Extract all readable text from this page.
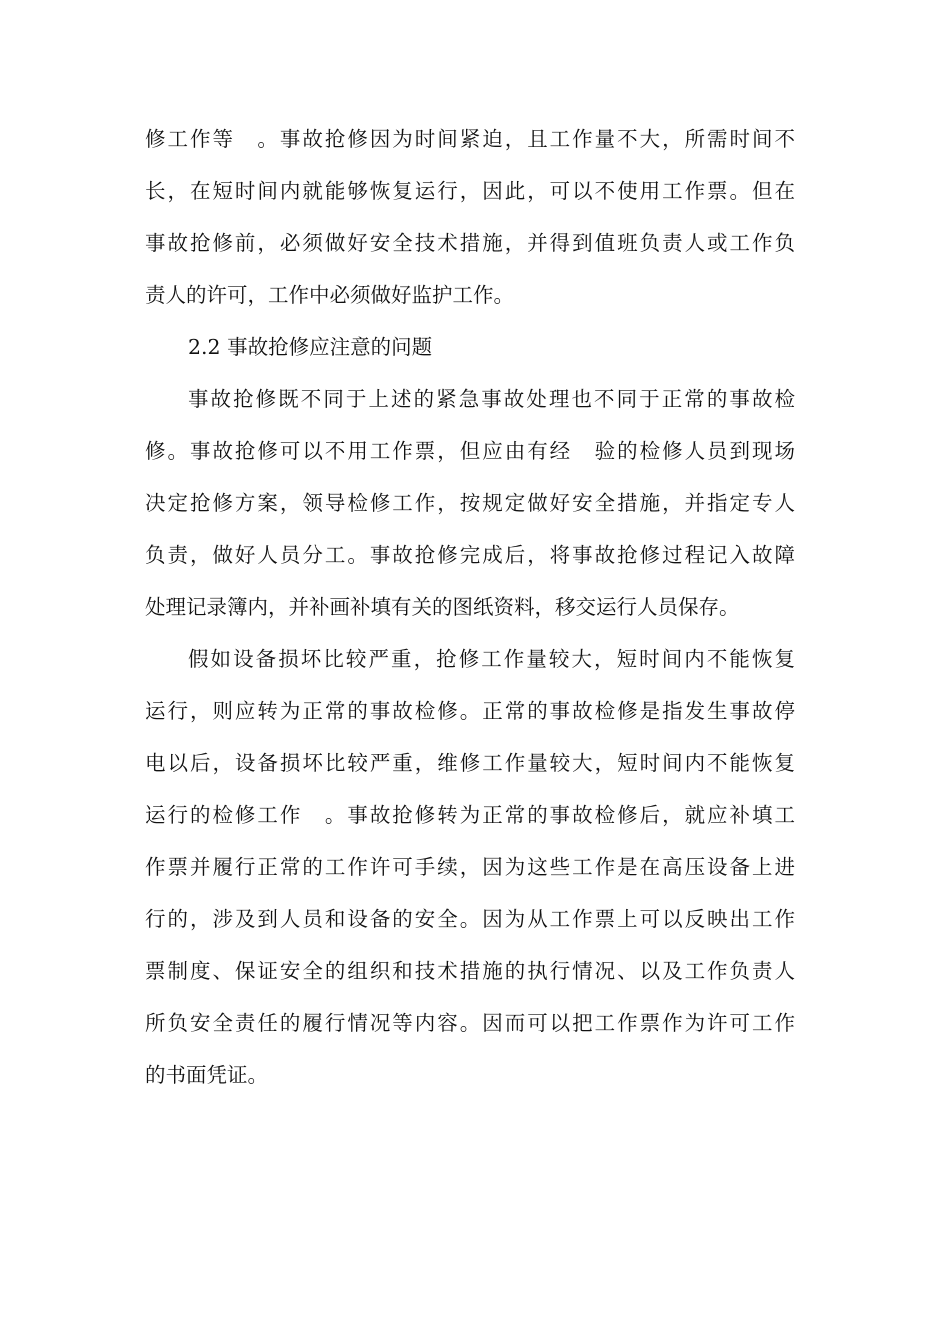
修工作等　。事故抢修因为时间紧迫，且工作量不大，所需时间不
长，在短时间内就能够恢复运行，因此，可以不使用工作票。但在
事故抢修前，必须做好安全技术措施，并得到值班负责人或工作负
责人的许可，工作中必须做好监护工作。
2.2 事故抢修应注意的问题
事故抢修既不同于上述的紧急事故处理也不同于正常的事故检
修。事故抢修可以不用工作票，但应由有经　验的检修人员到现场
决定抢修方案，领导检修工作，按规定做好安全措施，并指定专人
负责，做好人员分工。事故抢修完成后，将事故抢修过程记入故障
处理记录簿内，并补画补填有关的图纸资料，移交运行人员保存。
假如设备损坏比较严重，抢修工作量较大，短时间内不能恢复
运行，则应转为正常的事故检修。正常的事故检修是指发生事故停
电以后，设备损坏比较严重，维修工作量较大，短时间内不能恢复
运行的检修工作　。事故抢修转为正常的事故检修后，就应补填工
作票并履行正常的工作许可手续，因为这些工作是在高压设备上进
行的，涉及到人员和设备的安全。因为从工作票上可以反映出工作
票制度、保证安全的组织和技术措施的执行情况、以及工作负责人
所负安全责任的履行情况等内容。因而可以把工作票作为许可工作
的书面凭证。
